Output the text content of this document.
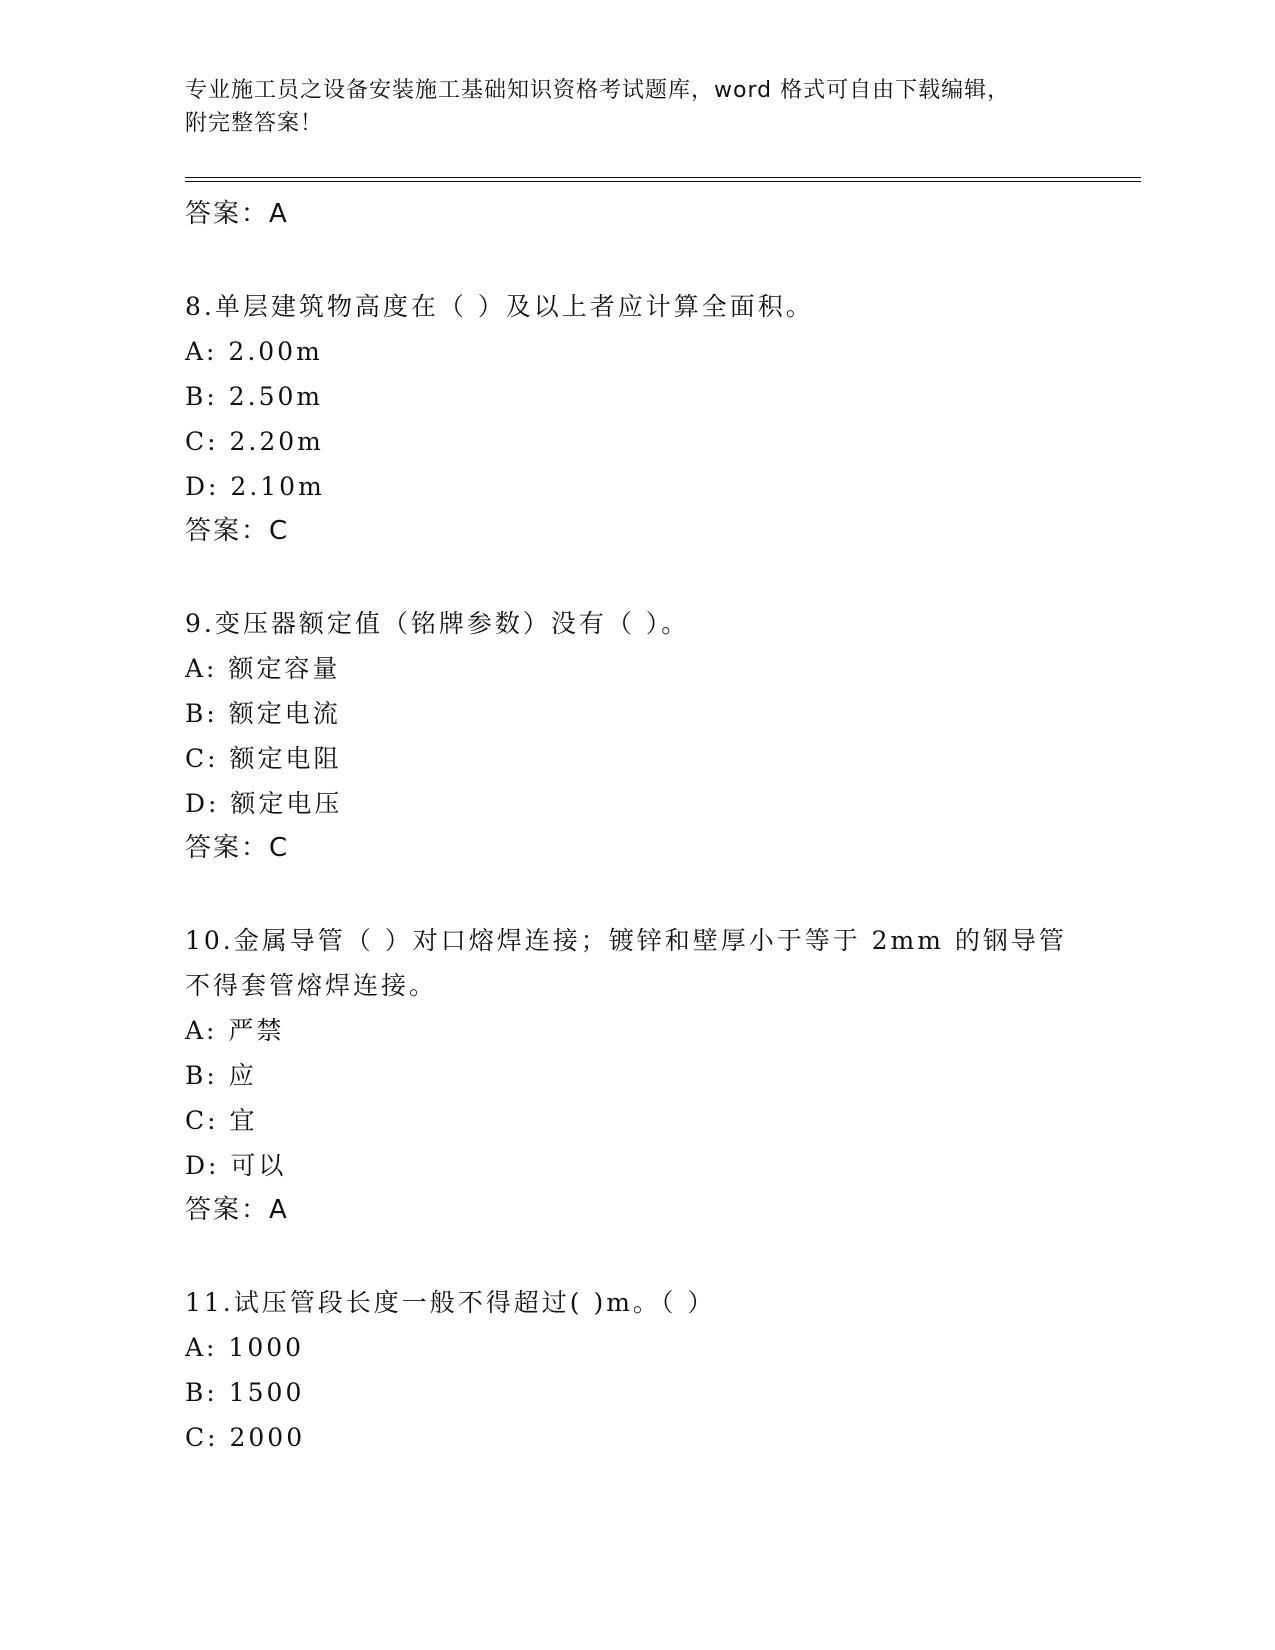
专业施工员之设备安装施工基础知识资格考试题库，word 格式可自由下载编辑，
附完整答案！
答案：A
8.单层建筑物高度在（ ）及以上者应计算全面积。
A: 2.00m
B: 2.50m
C: 2.20m
D: 2.10m
答案：C
9.变压器额定值（铭牌参数）没有（ ）。
A: 额定容量
B: 额定电流
C: 额定电阻
D: 额定电压
答案：C
10.金属导管（ ）对口熔焊连接；镀锌和壁厚小于等于 2mm 的钢导管
不得套管熔焊连接。
A: 严禁
B: 应
C: 宜
D: 可以
答案：A
11.试压管段长度一般不得超过( )m。（ ）
A: 1000
B: 1500
C: 2000
